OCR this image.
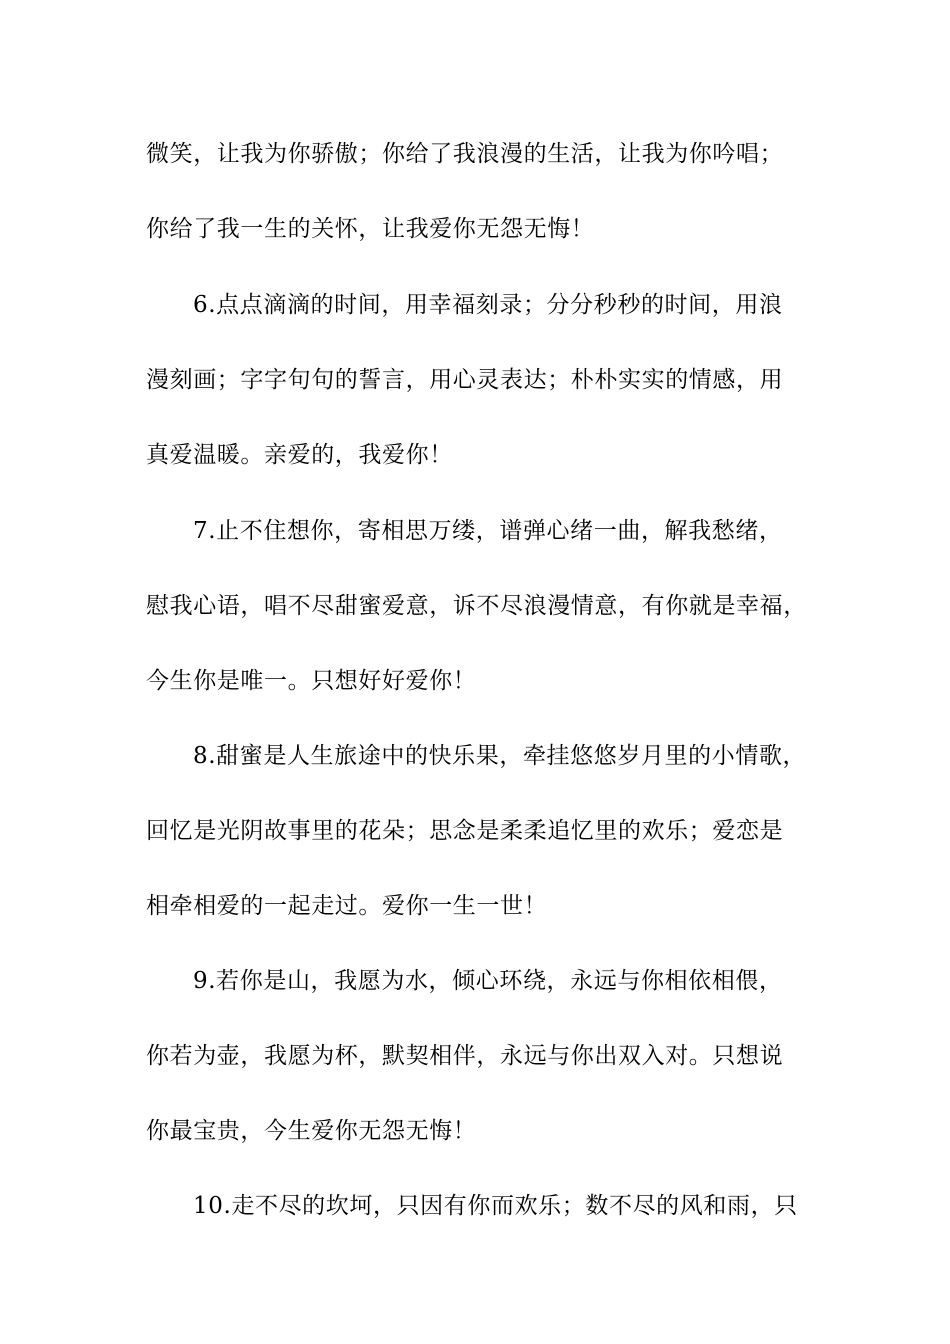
微笑，让我为你骄傲；你给了我浪漫的生活，让我为你吟唱；
你给了我一生的关怀，让我爱你无怨无悔！
6.点点滴滴的时间，用幸福刻录；分分秒秒的时间，用浪
漫刻画；字字句句的誓言，用心灵表达；朴朴实实的情感，用
真爱温暖。亲爱的，我爱你！
7.止不住想你，寄相思万缕，谱弹心绪一曲，解我愁绪，
慰我心语，唱不尽甜蜜爱意，诉不尽浪漫情意，有你就是幸福，
今生你是唯一。只想好好爱你！
8.甜蜜是人生旅途中的快乐果，牵挂悠悠岁月里的小情歌，
回忆是光阴故事里的花朵；思念是柔柔追忆里的欢乐；爱恋是
相牵相爱的一起走过。爱你一生一世！
9.若你是山，我愿为水，倾心环绕，永远与你相依相偎，
你若为壶，我愿为杯，默契相伴，永远与你出双入对。只想说
你最宝贵，今生爱你无怨无悔！
10.走不尽的坎坷，只因有你而欢乐；数不尽的风和雨，只
